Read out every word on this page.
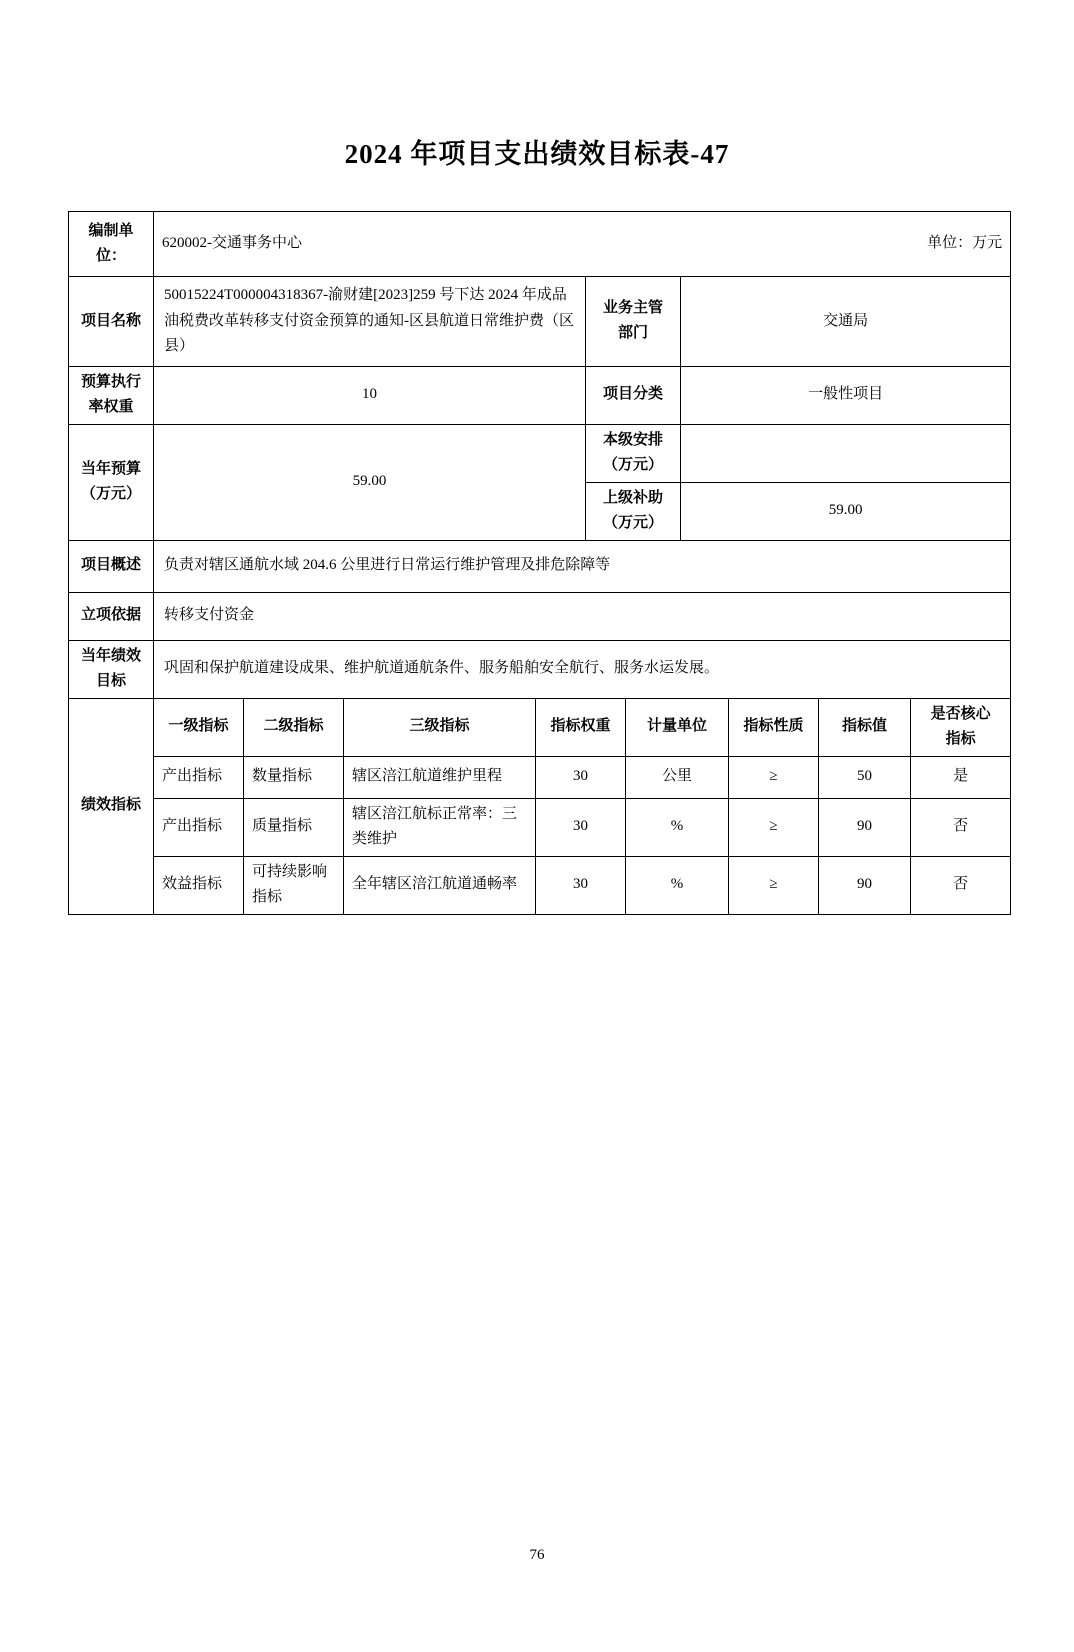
2024 年项目支出绩效目标表-47
编制单位：	620002-交通事务中心 单位：万元									

项目名称	50015224T000004318367-渝财建[2023]259 号下达 2024 年成品油税费改革转移支付资金预算的通知-区县航道日常维护费（区县）				业务主管部门		交通局			
预算执行率权重	10				项目分类		一般性项目			
当年预算（万元）	59.00				本级安排（万元）					
					上级补助（万元）		59.00			
项目概述	负责对辖区通航水域 204.6 公里进行日常运行维护管理及排危除障等									
立项依据	转移支付资金									
当年绩效目标	巩固和保护航道建设成果、维护航道通航条件、服务船舶安全航行、服务水运发展。									
绩效指标	一级指标	二级指标	三级指标	指标权重		计量单位		指标性质	指标值	是否核心指标
	产出指标	数量指标	辖区涪江航道维护里程	30		公里		≥	50	是
	产出指标	质量指标	辖区涪江航标正常率：三类维护	30		%		≥	90	否
	效益指标	可持续影响指标	全年辖区涪江航道通畅率	30		%		≥	90	否
76
